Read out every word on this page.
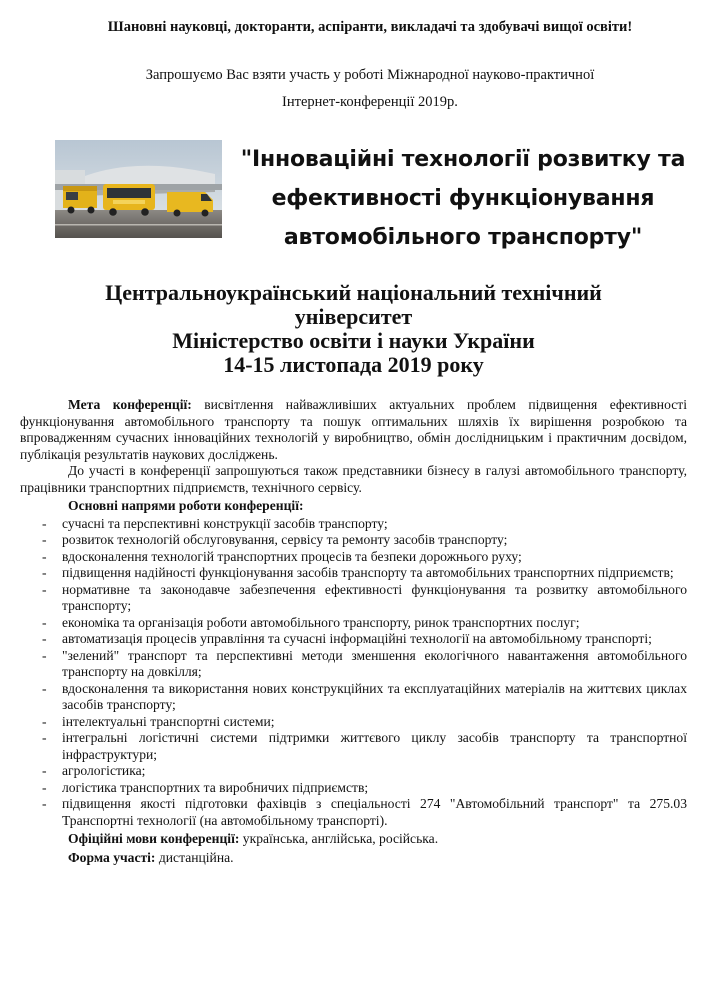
Шановні науковці, докторанти, аспіранти, викладачі та здобувачі вищої освіти!
Запрошуємо Вас взяти участь у роботі Міжнародної науково-практичної
Інтернет-конференції 2019р.
"Інноваційні технології розвитку та
ефективності функціонування
автомобільного транспорту"
Центральноукраїнський національний технічний
університет
Міністерство освіти і науки України
14-15 листопада 2019 року

Мета конференції: висвітлення найважливіших актуальних проблем підвищення ефективності функціонування автомобільного транспорту та пошук оптимальних шляхів їх вирішення розробкою та впровадженням сучасних інноваційних технологій у виробництво, обмін дослідницьким і практичним досвідом, публікація результатів наукових досліджень.

До участі в конференції запрошуються також представники бізнесу в галузі автомобільного транспорту, працівники транспортних підприємств, технічного сервісу.

Основні напрями роботи конференції:
-	сучасні та перспективні конструкції засобів транспорту;
-	розвиток технологій обслуговування, сервісу та ремонту засобів транспорту;
-	вдосконалення технологій транспортних процесів та безпеки дорожнього руху;
-	підвищення надійності функціонування засобів транспорту та автомобільних транспортних підприємств;
-	нормативне та законодавче забезпечення ефективності функціонування та розвитку автомобільного транспорту;
-	економіка та організація роботи автомобільного транспорту, ринок транспортних послуг;
-	автоматизація процесів управління та сучасні інформаційні технології на автомобільному транспорті;
-	"зелений" транспорт та перспективні методи зменшення екологічного навантаження автомобільного транспорту на довкілля;
-	вдосконалення та використання нових конструкційних та експлуатаційних матеріалів на життєвих циклах засобів транспорту;
-	інтелектуальні транспортні системи;
-	інтегральні логістичні системи підтримки життєвого циклу засобів транспорту та транспортної інфраструктури;
-	агрологістика;
-	логістика транспортних та виробничих підприємств;
-	підвищення якості підготовки фахівців з спеціальності 274 "Автомобільний транспорт" та 275.03 Транспортні технології (на автомобільному транспорті).
Офіційні мови конференції: українська, англійська, російська.
Форма участі: дистанційна.
